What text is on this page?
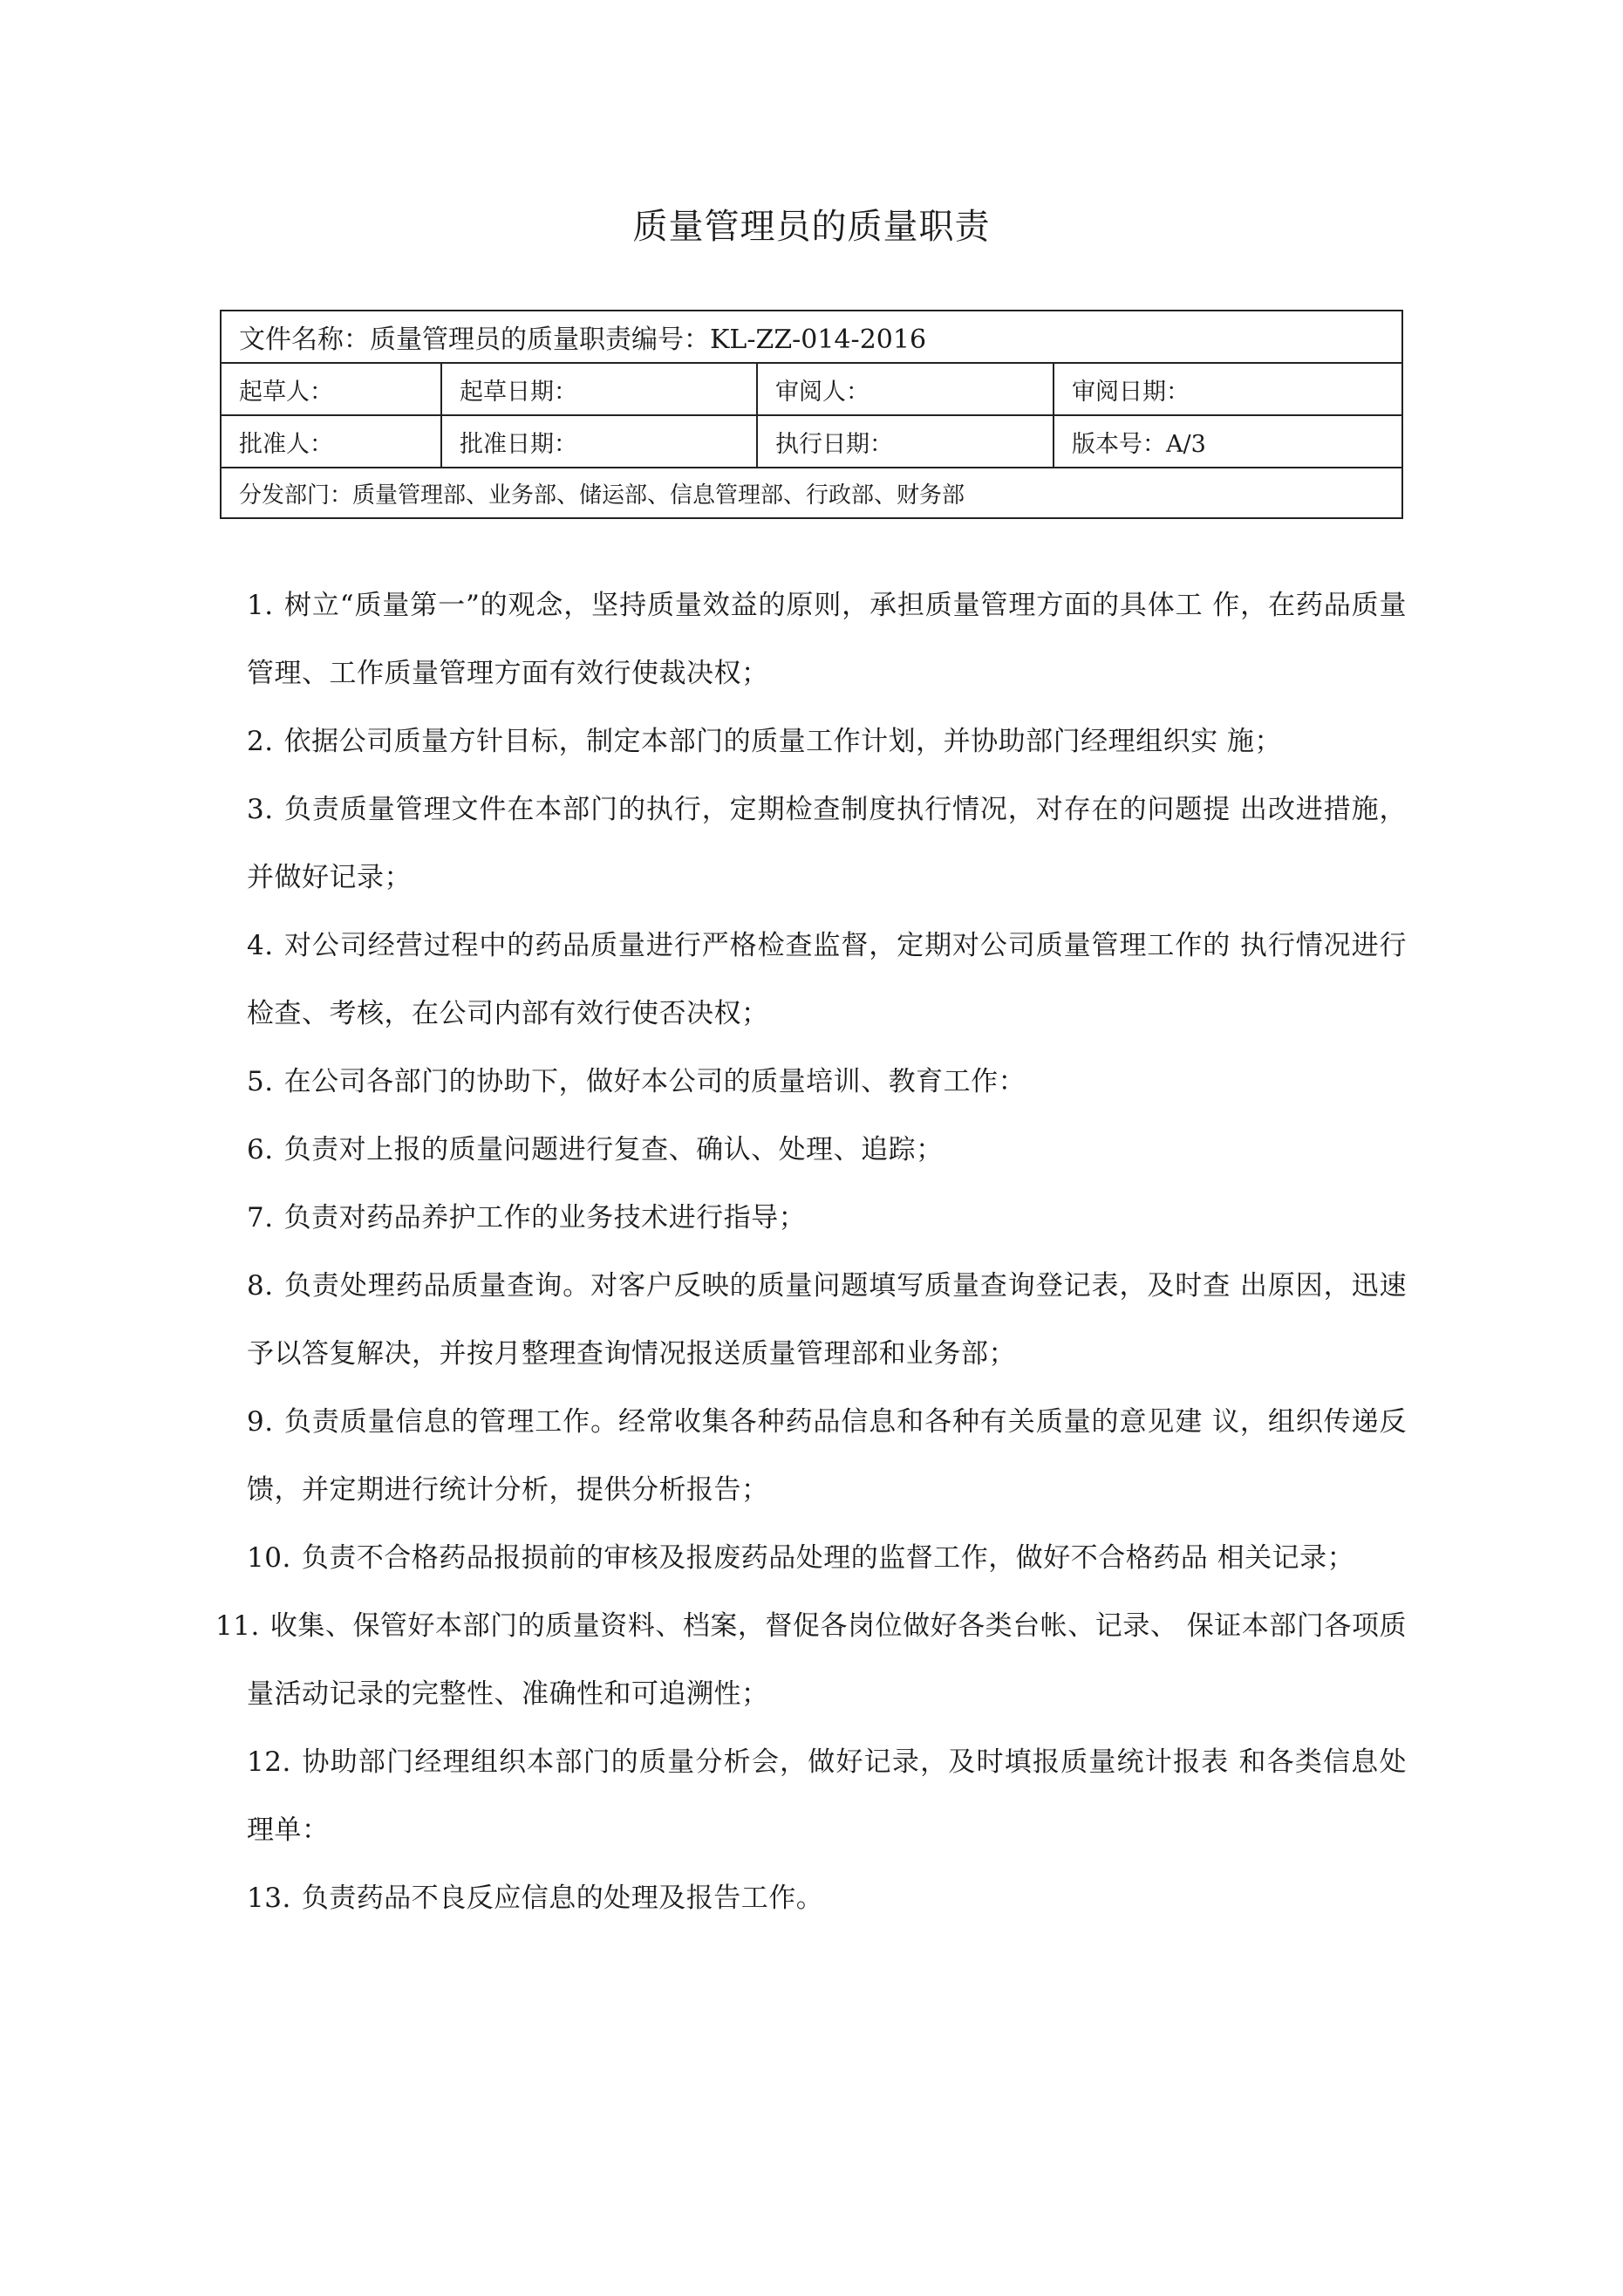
质量管理员的质量职责
文件名称：质量管理员的质量职责编号：KL-ZZ-014-2016			
起草人：	起草日期：	审阅人：	审阅日期：
批准人：	批准日期：	执行日期：	版本号：A/3
分发部门：质量管理部、业务部、储运部、信息管理部、行政部、财务部			
1. 树立“质量第一”的观念，坚持质量效益的原则，承担质量管理方面的具体工 作，在药品质量管理、工作质量管理方面有效行使裁决权；
2. 依据公司质量方针目标，制定本部门的质量工作计划，并协助部门经理组织实 施；
3. 负责质量管理文件在本部门的执行，定期检查制度执行情况，对存在的问题提 出改进措施，并做好记录；
4. 对公司经营过程中的药品质量进行严格检查监督，定期对公司质量管理工作的 执行情况进行检查、考核，在公司内部有效行使否决权；
5. 在公司各部门的协助下，做好本公司的质量培训、教育工作：
6. 负责对上报的质量问题进行复查、确认、处理、追踪；
7. 负责对药品养护工作的业务技术进行指导；
8. 负责处理药品质量查询。对客户反映的质量问题填写质量查询登记表，及时查 出原因，迅速予以答复解决，并按月整理查询情况报送质量管理部和业务部；
9. 负责质量信息的管理工作。经常收集各种药品信息和各种有关质量的意见建 议，组织传递反馈，并定期进行统计分析，提供分析报告；
10. 负责不合格药品报损前的审核及报废药品处理的监督工作，做好不合格药品 相关记录；
11. 收集、保管好本部门的质量资料、档案，督促各岗位做好各类台帐、记录、 保证本部门各项质量活动记录的完整性、准确性和可追溯性；
12. 协助部门经理组织本部门的质量分析会，做好记录，及时填报质量统计报表 和各类信息处理单：
13. 负责药品不良反应信息的处理及报告工作。
